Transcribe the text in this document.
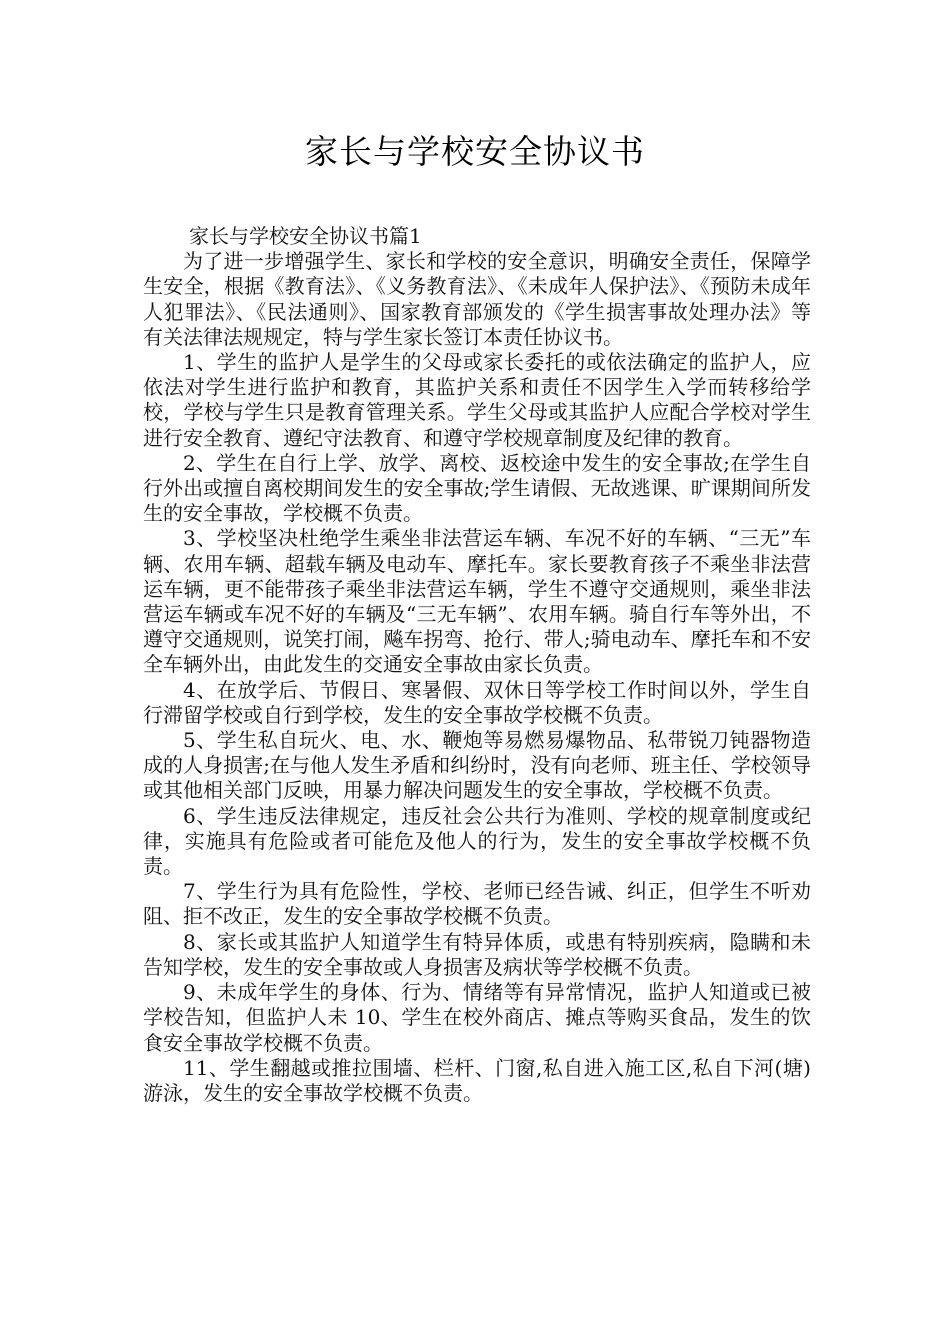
家长与学校安全协议书

家长与学校安全协议书篇1

为了进一步增强学生、家长和学校的安全意识，明确安全责任，保障学生安全，根据《教育法》、《义务教育法》、《未成年人保护法》、《预防未成年人犯罪法》、《民法通则》、国家教育部颁发的《学生损害事故处理办法》等有关法律法规规定，特与学生家长签订本责任协议书。

1、学生的监护人是学生的父母或家长委托的或依法确定的监护人，应依法对学生进行监护和教育，其监护关系和责任不因学生入学而转移给学校，学校与学生只是教育管理关系。学生父母或其监护人应配合学校对学生进行安全教育、遵纪守法教育、和遵守学校规章制度及纪律的教育。

2、学生在自行上学、放学、离校、返校途中发生的安全事故;在学生自行外出或擅自离校期间发生的安全事故;学生请假、无故逃课、旷课期间所发生的安全事故，学校概不负责。

3、学校坚决杜绝学生乘坐非法营运车辆、车况不好的车辆、“三无”车辆、农用车辆、超载车辆及电动车、摩托车。家长要教育孩子不乘坐非法营运车辆，更不能带孩子乘坐非法营运车辆，学生不遵守交通规则，乘坐非法营运车辆或车况不好的车辆及“三无车辆”、农用车辆。骑自行车等外出，不遵守交通规则，说笑打闹，飚车拐弯、抢行、带人;骑电动车、摩托车和不安全车辆外出，由此发生的交通安全事故由家长负责。

4、在放学后、节假日、寒暑假、双休日等学校工作时间以外，学生自行滞留学校或自行到学校，发生的安全事故学校概不负责。

5、学生私自玩火、电、水、鞭炮等易燃易爆物品、私带锐刀钝器物造成的人身损害;在与他人发生矛盾和纠纷时，没有向老师、班主任、学校领导或其他相关部门反映，用暴力解决问题发生的安全事故，学校概不负责。

6、学生违反法律规定，违反社会公共行为准则、学校的规章制度或纪律，实施具有危险或者可能危及他人的行为，发生的安全事故学校概不负责。

7、学生行为具有危险性，学校、老师已经告诫、纠正，但学生不听劝阻、拒不改正，发生的安全事故学校概不负责。

8、家长或其监护人知道学生有特异体质，或患有特别疾病，隐瞒和未告知学校，发生的安全事故或人身损害及病状等学校概不负责。

9、未成年学生的身体、行为、情绪等有异常情况，监护人知道或已被学校告知，但监护人未 10、学生在校外商店、摊点等购买食品，发生的饮食安全事故学校概不负责。

11、学生翻越或推拉围墙、栏杆、门窗,私自进入施工区,私自下河(塘)游泳，发生的安全事故学校概不负责。
